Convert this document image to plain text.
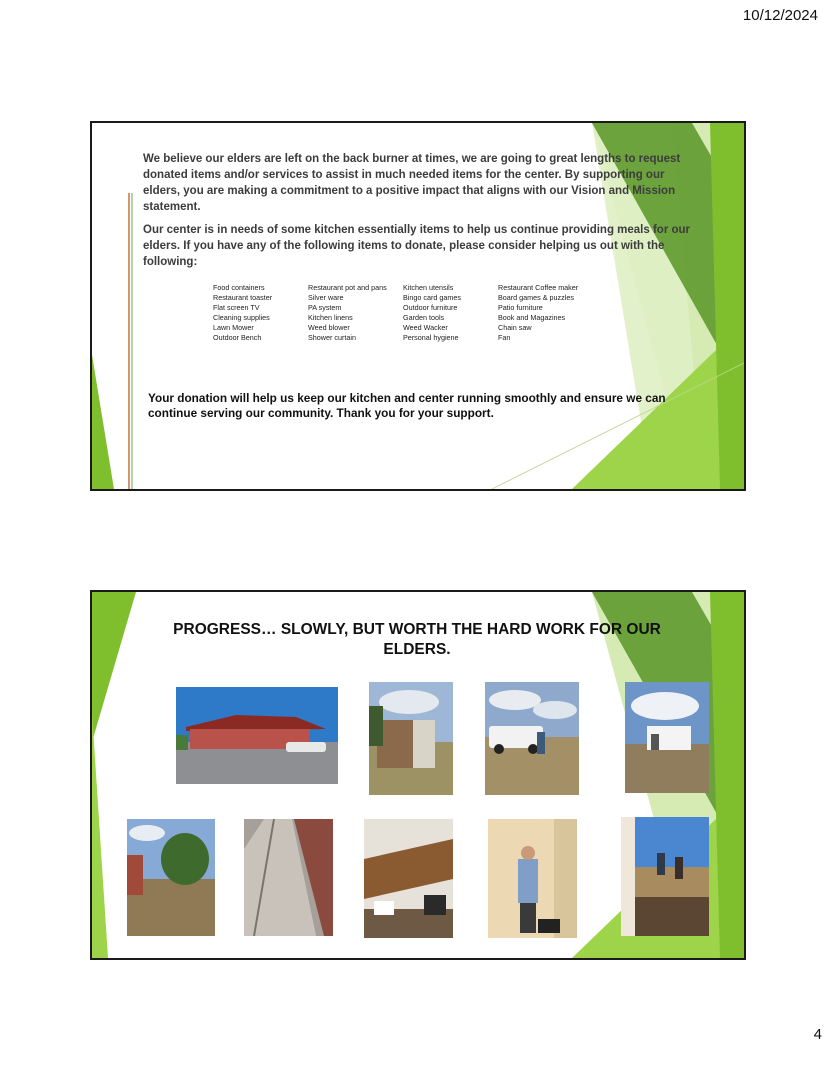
10/12/2024

We believe our elders are left on the back burner at times, we are going to great lengths to request donated items and/or services to assist in much needed items for the center. By supporting our elders, you are making a commitment to a positive impact that aligns with our Vision and Mission statement.

Our center is in needs of some kitchen essentially items to help us continue providing meals for our elders. If you have any of the following items to donate, please consider helping us out with the following:

Food containers	Restaurant pot and pans	Kitchen utensils	Restaurant Coffee maker
Restaurant toaster	Silver ware	Bingo card games	Board games & puzzles
Flat screen TV	PA system	Outdoor furniture	Patio furniture
Cleaning supplies	Kitchen linens	Garden tools	Book and Magazines
Lawn Mower	Weed blower	Weed Wacker	Chain saw
Outdoor Bench	Shower curtain	Personal hygiene	Fan
Your donation will help us keep our kitchen and center running smoothly and ensure we can continue serving our community. Thank you for your support.
PROGRESS… SLOWLY, BUT WORTH THE HARD WORK FOR OUR ELDERS.
4
